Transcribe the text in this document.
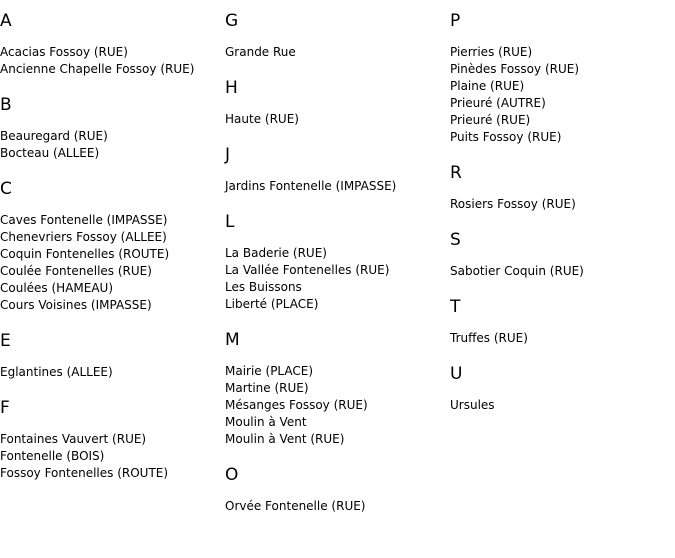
A
Acacias Fossoy (RUE)
Ancienne Chapelle Fossoy (RUE)
B
Beauregard (RUE)
Bocteau (ALLEE)
C
Caves Fontenelle (IMPASSE)
Chenevriers Fossoy (ALLEE)
Coquin Fontenelles (ROUTE)
Coulée Fontenelles (RUE)
Coulées (HAMEAU)
Cours Voisines (IMPASSE)
E
Eglantines (ALLEE)
F
Fontaines Vauvert (RUE)
Fontenelle (BOIS)
Fossoy Fontenelles (ROUTE)
G
Grande Rue
H
Haute (RUE)
J
Jardins Fontenelle (IMPASSE)
L
La Baderie (RUE)
La Vallée Fontenelles (RUE)
Les Buissons
Liberté (PLACE)
M
Mairie (PLACE)
Martine (RUE)
Mésanges Fossoy (RUE)
Moulin à Vent
Moulin à Vent (RUE)
O
Orvée Fontenelle (RUE)
P
Pierries (RUE)
Pinèdes Fossoy (RUE)
Plaine (RUE)
Prieuré (AUTRE)
Prieuré (RUE)
Puits Fossoy (RUE)
R
Rosiers Fossoy (RUE)
S
Sabotier Coquin (RUE)
T
Truffes (RUE)
U
Ursules
